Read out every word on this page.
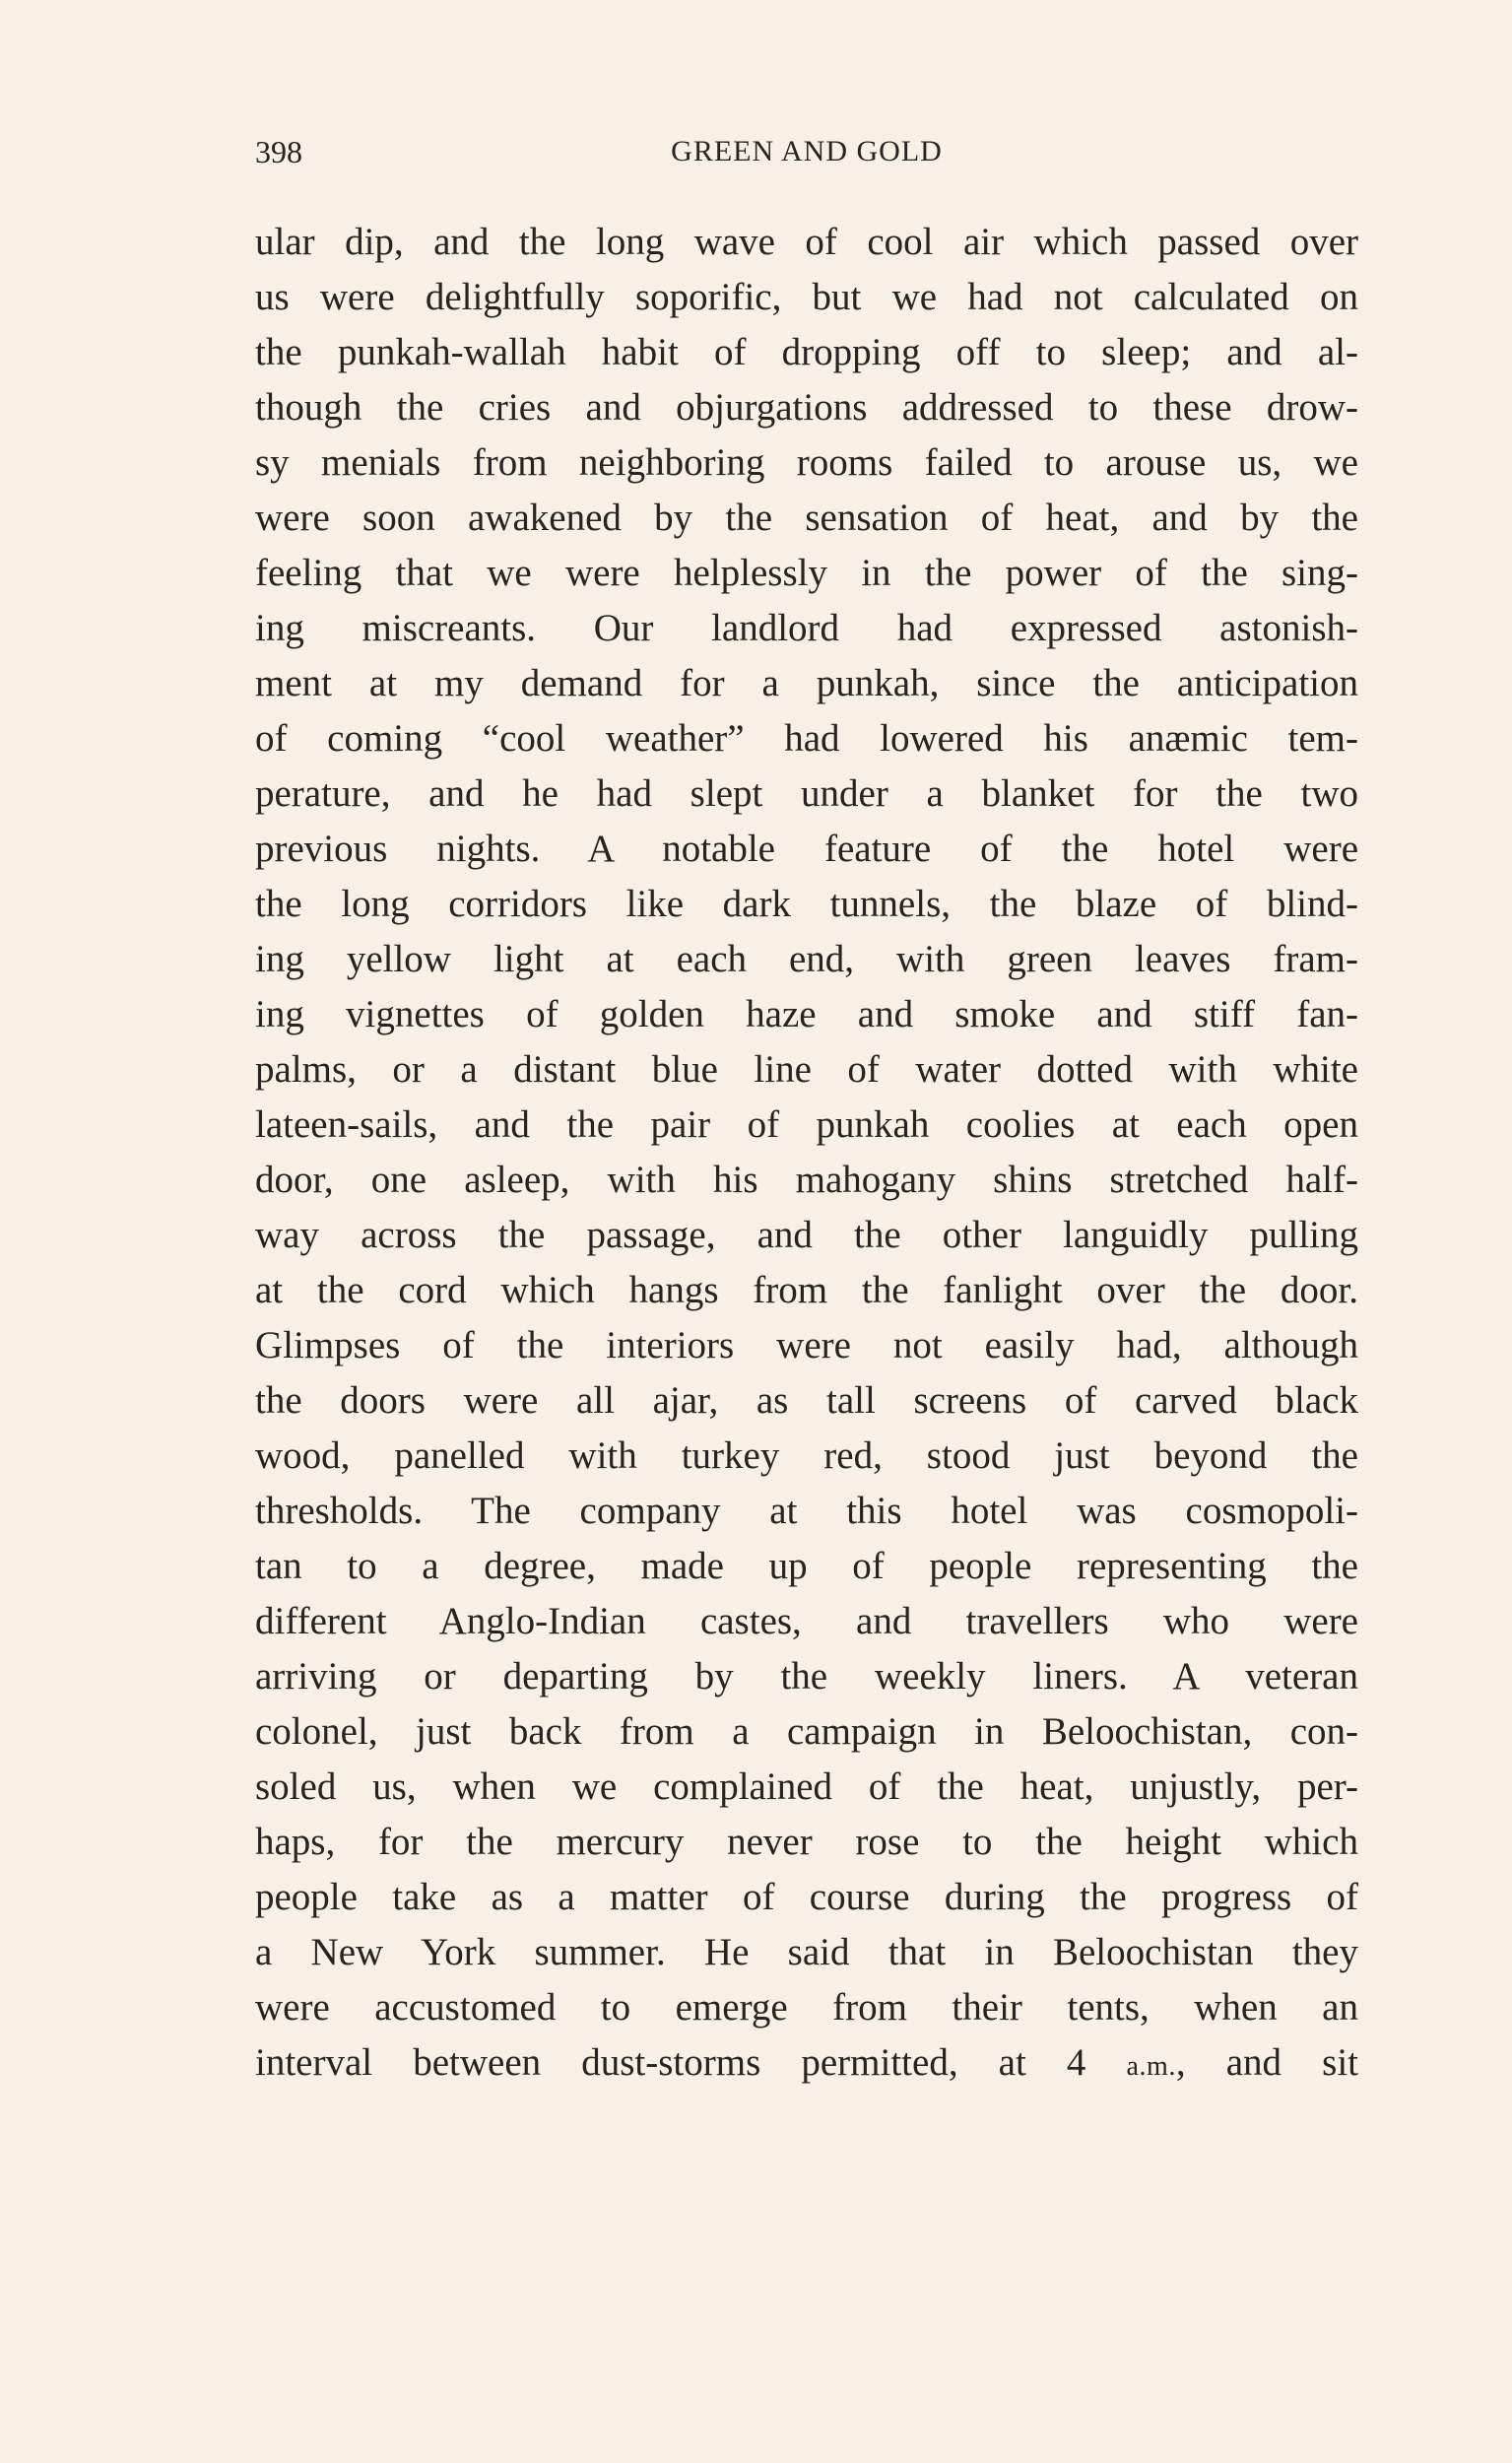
398	GREEN AND GOLD
ular dip, and the long wave of cool air which passed over
us were delightfully soporific, but we had not calculated on
the punkah-wallah habit of dropping off to sleep; and al-
though the cries and objurgations addressed to these drow-
sy menials from neighboring rooms failed to arouse us, we
were soon awakened by the sensation of heat, and by the
feeling that we were helplessly in the power of the sing-
ing miscreants. Our landlord had expressed astonish-
ment at my demand for a punkah, since the anticipation
of coming “cool weather” had lowered his anæmic tem-
perature, and he had slept under a blanket for the two
previous nights. A notable feature of the hotel were
the long corridors like dark tunnels, the blaze of blind-
ing yellow light at each end, with green leaves fram-
ing vignettes of golden haze and smoke and stiff fan-
palms, or a distant blue line of water dotted with white
lateen-sails, and the pair of punkah coolies at each open
door, one asleep, with his mahogany shins stretched half-
way across the passage, and the other languidly pulling
at the cord which hangs from the fanlight over the door.
Glimpses of the interiors were not easily had, although
the doors were all ajar, as tall screens of carved black
wood, panelled with turkey red, stood just beyond the
thresholds. The company at this hotel was cosmopoli-
tan to a degree, made up of people representing the
different Anglo-Indian castes, and travellers who were
arriving or departing by the weekly liners. A veteran
colonel, just back from a campaign in Beloochistan, con-
soled us, when we complained of the heat, unjustly, per-
haps, for the mercury never rose to the height which
people take as a matter of course during the progress of
a New York summer. He said that in Beloochistan they
were accustomed to emerge from their tents, when an
interval between dust-storms permitted, at 4 a.m., and sit
